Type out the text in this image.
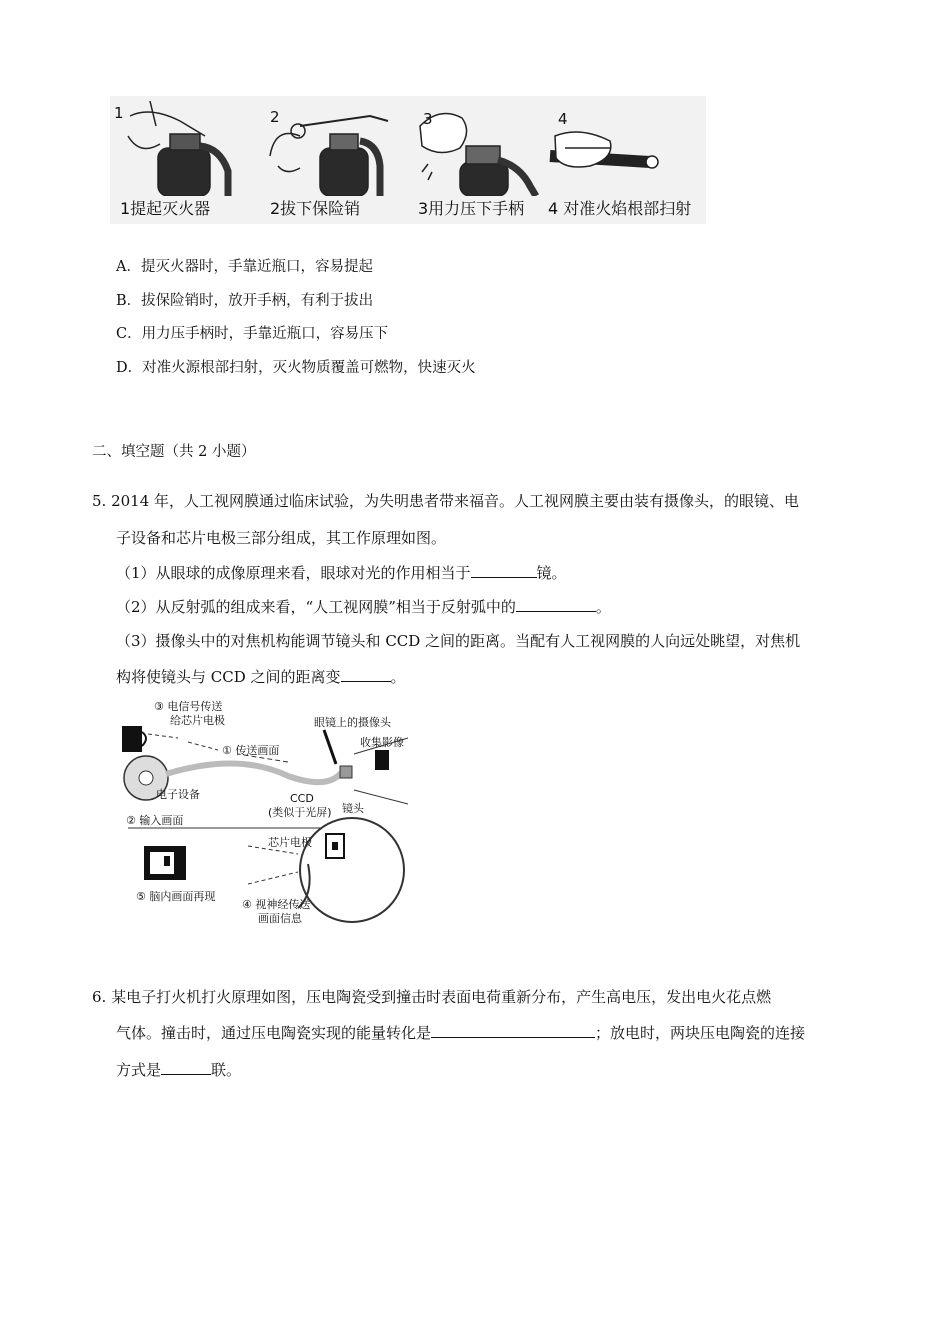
1	2	3	4
1提起灭火器	2拔下保险销	3用力压下手柄 4 对准火焰根部扫射
A．提灭火器时，手靠近瓶口，容易提起
B．拔保险销时，放开手柄，有利于拔出
C．用力压手柄时，手靠近瓶口，容易压下
D．对准火源根部扫射，灭火物质覆盖可燃物，快速灭火
二、填空题（共 2 小题）
5. 2014 年，人工视网膜通过临床试验，为失明患者带来福音。人工视网膜主要由装有摄像头，的眼镜、电
子设备和芯片电极三部分组成，其工作原理如图。
（1）从眼球的成像原理来看，眼球对光的作用相当于	镜。
（2）从反射弧的组成来看，“人工视网膜”相当于反射弧中的	。
（3）摄像头中的对焦机构能调节镜头和 CCD 之间的距离。当配有人工视网膜的人向远处眺望，对焦机
构将使镜头与 CCD 之间的距离变	。
③ 电信号传送
给芯片电极
① 传送画面
眼镜上的摄像头
收集影像
电子设备
② 输入画面
CCD
(类似于光屏) 镜头
芯片电极
⑤ 脑内画面再现
④ 视神经传送
画面信息
6. 某电子打火机打火原理如图，压电陶瓷受到撞击时表面电荷重新分布，产生高电压，发出电火花点燃
气体。撞击时，通过压电陶瓷实现的能量转化是	；放电时，两块压电陶瓷的连接
方式是	联。
